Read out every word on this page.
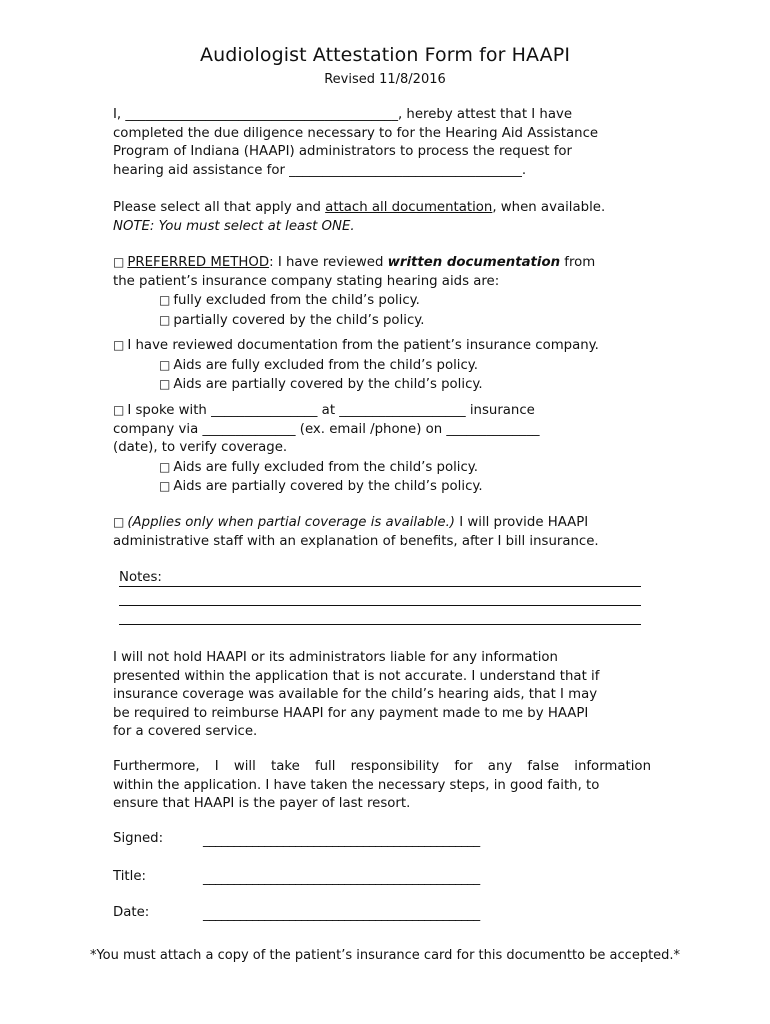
Audiologist Attestation Form for HAAPI

Revised 11/8/2016

I, _________________________________________, hereby attest that I have
completed the due diligence necessary to for the Hearing Aid Assistance
Program of Indiana (HAAPI) administrators to process the request for
hearing aid assistance for ___________________________________.
Please select all that apply and attach all documentation, when available.
NOTE: You must select at least ONE.
□ PREFERRED METHOD: I have reviewed written documentation from
the patient’s insurance company stating hearing aids are:
□ fully excluded from the child’s policy.
□ partially covered by the child’s policy.
□ I have reviewed documentation from the patient’s insurance company.
□ Aids are fully excluded from the child’s policy.
□ Aids are partially covered by the child’s policy.
□ I spoke with ________________ at ___________________ insurance
company via ______________ (ex. email /phone) on ______________
(date), to verify coverage.
□ Aids are fully excluded from the child’s policy.
□ Aids are partially covered by the child’s policy.
□ (Applies only when partial coverage is available.) I will provide HAAPI
administrative staff with an explanation of benefits, after I bill insurance.
Notes:
I will not hold HAAPI or its administrators liable for any information
presented within the application that is not accurate. I understand that if
insurance coverage was available for the child’s hearing aids, that I may
be required to reimburse HAAPI for any payment made to me by HAAPI
for a covered service.
Furthermore, I will take full responsibility for any false information
within the application. I have taken the necessary steps, in good faith, to
ensure that HAAPI is the payer of last resort.
Signed:	_____________________________________________
Title:	_____________________________________________
Date:	_____________________________________________
*You must attach a copy of the patient’s insurance card for this documentto be accepted.*
